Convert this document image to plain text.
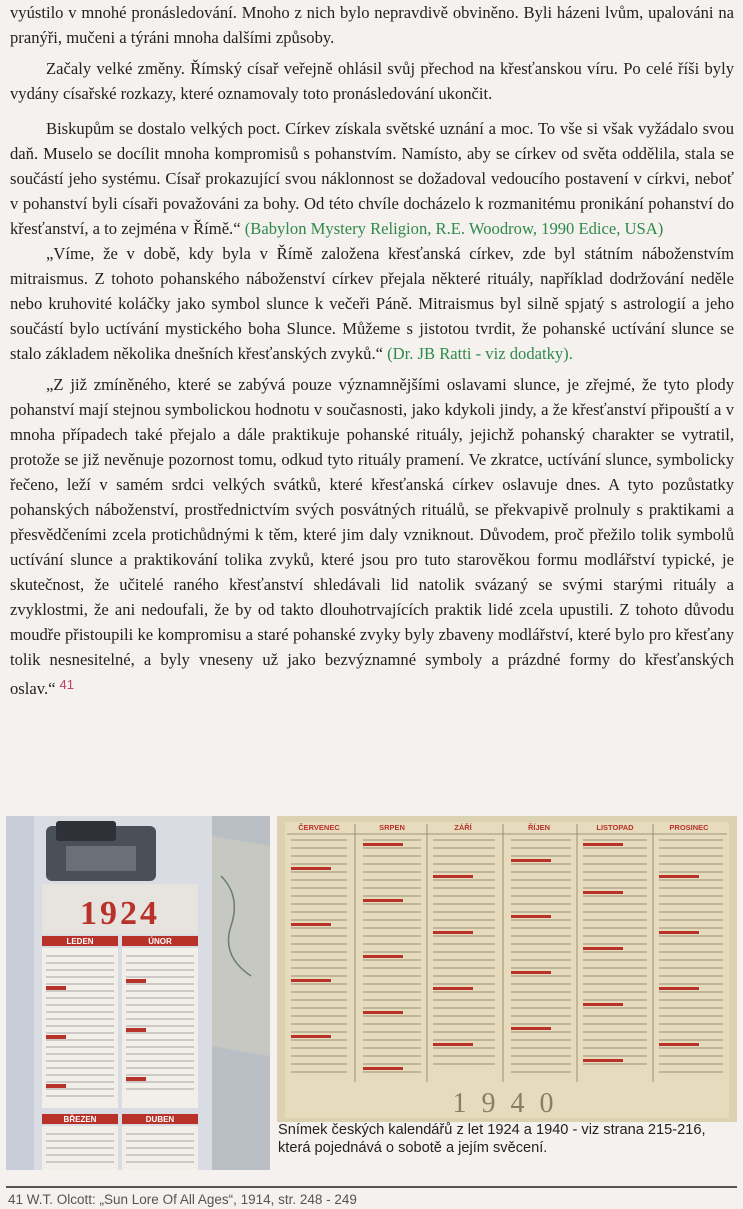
vyústilo v mnohé pronásledování. Mnoho z nich bylo nepravdivě obviněno. Byli házeni lvům, upalováni na pranýři, mučeni a týráni mnoha dalšími způsoby.

Začaly velké změny. Římský císař veřejně ohlásil svůj přechod na křesťanskou víru. Po celé říši byly vydány císařské rozkazy, které oznamovaly toto pronásledování ukončit.

Biskupům se dostalo velkých poct. Církev získala světské uznání a moc. To vše si však vyžádalo svou daň. Muselo se docílit mnoha kompromisů s pohanstvím. Namísto, aby se církev od světa oddělila, stala se součástí jeho systému. Císař prokazující svou náklonnost se dožadoval vedoucího postavení v církvi, neboť v pohanství byli císaři považováni za bohy. Od této chvíle docházelo k rozmanitému pronikání pohanství do křesťanství, a to zejména v Římě.“ (Babylon Mystery Religion, R.E. Woodrow, 1990 Edice, USA)

„Víme, že v době, kdy byla v Římě založena křesťanská církev, zde byl státním náboženstvím mitraismus. Z tohoto pohanského náboženství církev přejala některé rituály, například dodržování neděle nebo kruhovité koláčky jako symbol slunce k večeři Páně. Mitraismus byl silně spjatý s astrologií a jeho součástí bylo uctívání mystického boha Slunce. Můžeme s jistotou tvrdit, že pohanské uctívání slunce se stalo základem několika dnešních křesťanských zvyků.“ (Dr. JB Ratti - viz dodatky).

„Z již zmíněného, které se zabývá pouze významnějšími oslavami slunce, je zřejmé, že tyto plody pohanství mají stejnou symbolickou hodnotu v současnosti, jako kdykoli jindy, a že křesťanství připouští a v mnoha případech také přejalo a dále praktikuje pohanské rituály, jejichž pohanský charakter se vytratil, protože se již nevěnuje pozornost tomu, odkud tyto rituály pramení. Ve zkratce, uctívání slunce, symbolicky řečeno, leží v samém srdci velkých svátků, které křesťanská církev oslavuje dnes. A tyto pozůstatky pohanských náboženství, prostřednictvím svých posvátných rituálů, se překvapivě prolnuly s praktikami a přesvědčeními zcela protichůdnými k těm, které jim daly vzniknout. Důvodem, proč přežilo tolik symbolů uctívání slunce a praktikování tolika zvyků, které jsou pro tuto starověkou formu modlářství typické, je skutečnost, že učitelé raného křesťanství shledávali lid natolik svázaný se svými starými rituály a zvyklostmi, že ani nedoufali, že by od takto dlouhotrvajících praktik lidé zcela upustili. Z tohoto důvodu moudře přistoupili ke kompromisu a staré pohanské zvyky byly zbaveny modlářství, které bylo pro křesťany tolik nesnesitelné, a byly vneseny už jako bezvýznamné symboly a prázdné formy do křesťanských oslav.“ $^{41}$

1924
LEDEN	ÚNOR
BŘEZEN	DUBEN
ČERVENEC	SRPEN	ZÁŘÍ	ŘÍJEN	LISTOPAD	PROSINEC
1 9 4 0
Snímek českých kalendářů z let 1924 a 1940 - viz strana 215-216, která pojednává o sobotě a jejím svěcení.
41 W.T. Olcott: „Sun Lore Of All Ages“, 1914, str. 248 - 249
